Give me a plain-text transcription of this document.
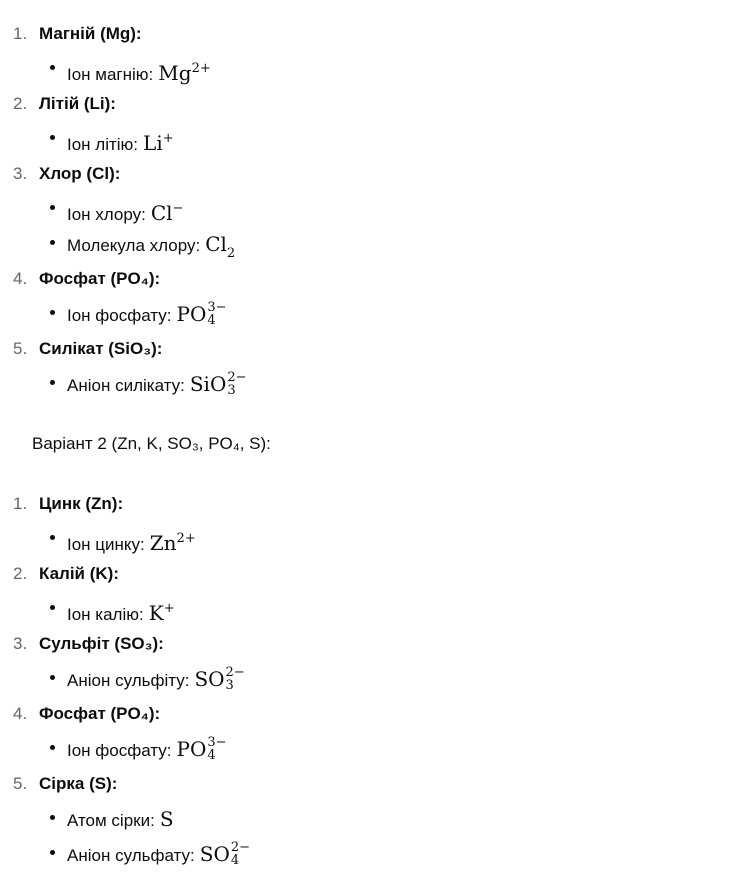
1. Магній (Mg):
Іон магнію: $Mg^{2+}$
2. Літій (Li):
Іон літію: Li+
3. Хлор (Cl):
Іон хлору: Cl−
Молекула хлору: $Cl_2$
4. Фосфат (PO₄):
Іон фосфату: PO 3−
4
5. Силікат (SiO₃):
Аніон силікату: SiO 2−
3
Варіант 2 (Zn, K, SO₃, PO₄, S):
1. Цинк (Zn):
Іон цинку: $Zn^{2+}$
2. Калій (K):
Іон калію: K+
3. Сульфіт (SO₃):
Аніон сульфіту: SO 2−
3
4. Фосфат (PO₄):
Іон фосфату: PO 3−
4
5. Сірка (S):
Атом сірки: S
Аніон сульфату: SO 2−
4
